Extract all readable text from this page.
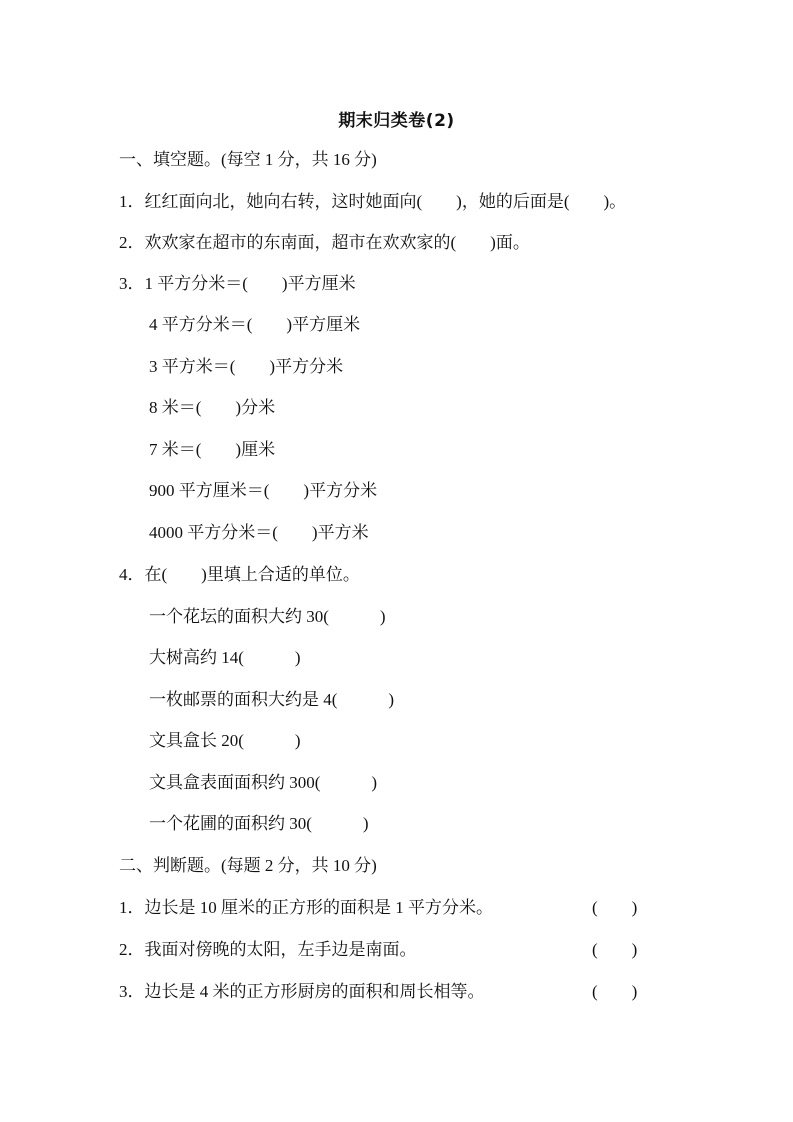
期末归类卷(2)
一、填空题。(每空 1 分，共 16 分)
1．红红面向北，她向右转，这时她面向(　　)，她的后面是(　　)。
2．欢欢家在超市的东南面，超市在欢欢家的(　　)面。
3．1 平方分米＝(　　)平方厘米
4 平方分米＝(　　)平方厘米
3 平方米＝(　　)平方分米
8 米＝(　　)分米
7 米＝(　　)厘米
900 平方厘米＝(　　)平方分米
4000 平方分米＝(　　)平方米
4．在(　　)里填上合适的单位。
一个花坛的面积大约 30(　　　)
大树高约 14(　　　)
一枚邮票的面积大约是 4(　　　)
文具盒长 20(　　　)
文具盒表面面积约 300(　　　)
一个花圃的面积约 30(　　　)
二、判断题。(每题 2 分，共 10 分)
1．边长是 10 厘米的正方形的面积是 1 平方分米。	(　　)
2．我面对傍晚的太阳，左手边是南面。	(　　)
3．边长是 4 米的正方形厨房的面积和周长相等。	(　　)
